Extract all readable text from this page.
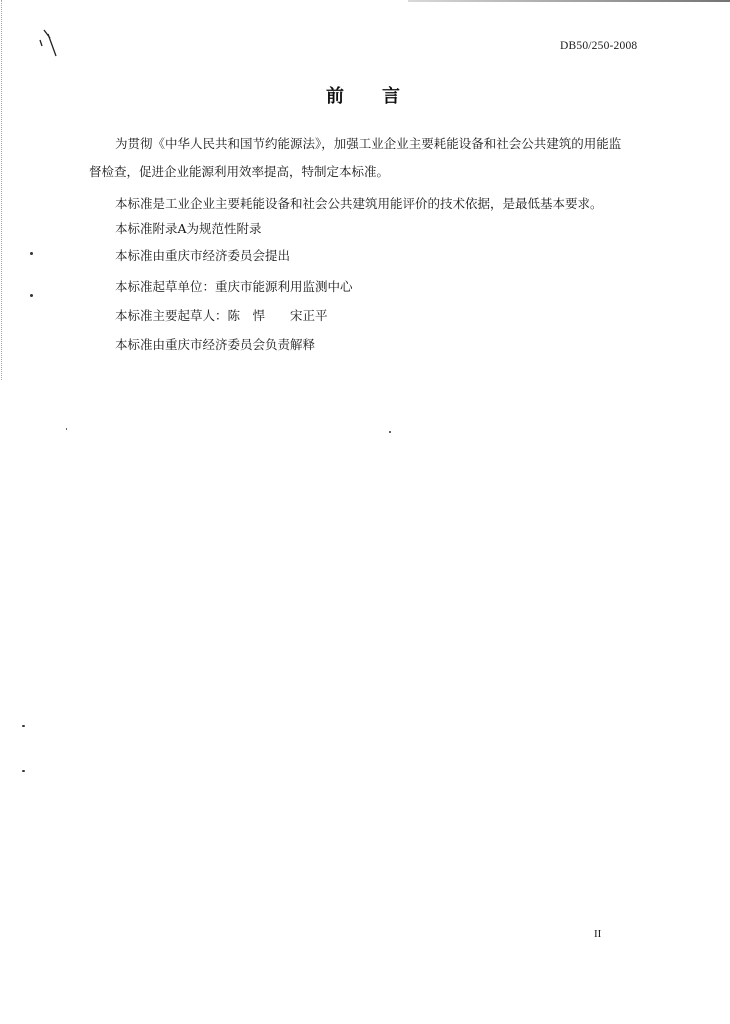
DB50/250-2008
前言
为贯彻《中华人民共和国节约能源法》，加强工业企业主要耗能设备和社会公共建筑的用能监
督检查，促进企业能源利用效率提高，特制定本标准。
本标准是工业企业主要耗能设备和社会公共建筑用能评价的技术依据，是最低基本要求。
本标准附录A为规范性附录
本标准由重庆市经济委员会提出
本标准起草单位：重庆市能源利用监测中心
本标准主要起草人：陈　悍　　宋正平
本标准由重庆市经济委员会负责解释
II
